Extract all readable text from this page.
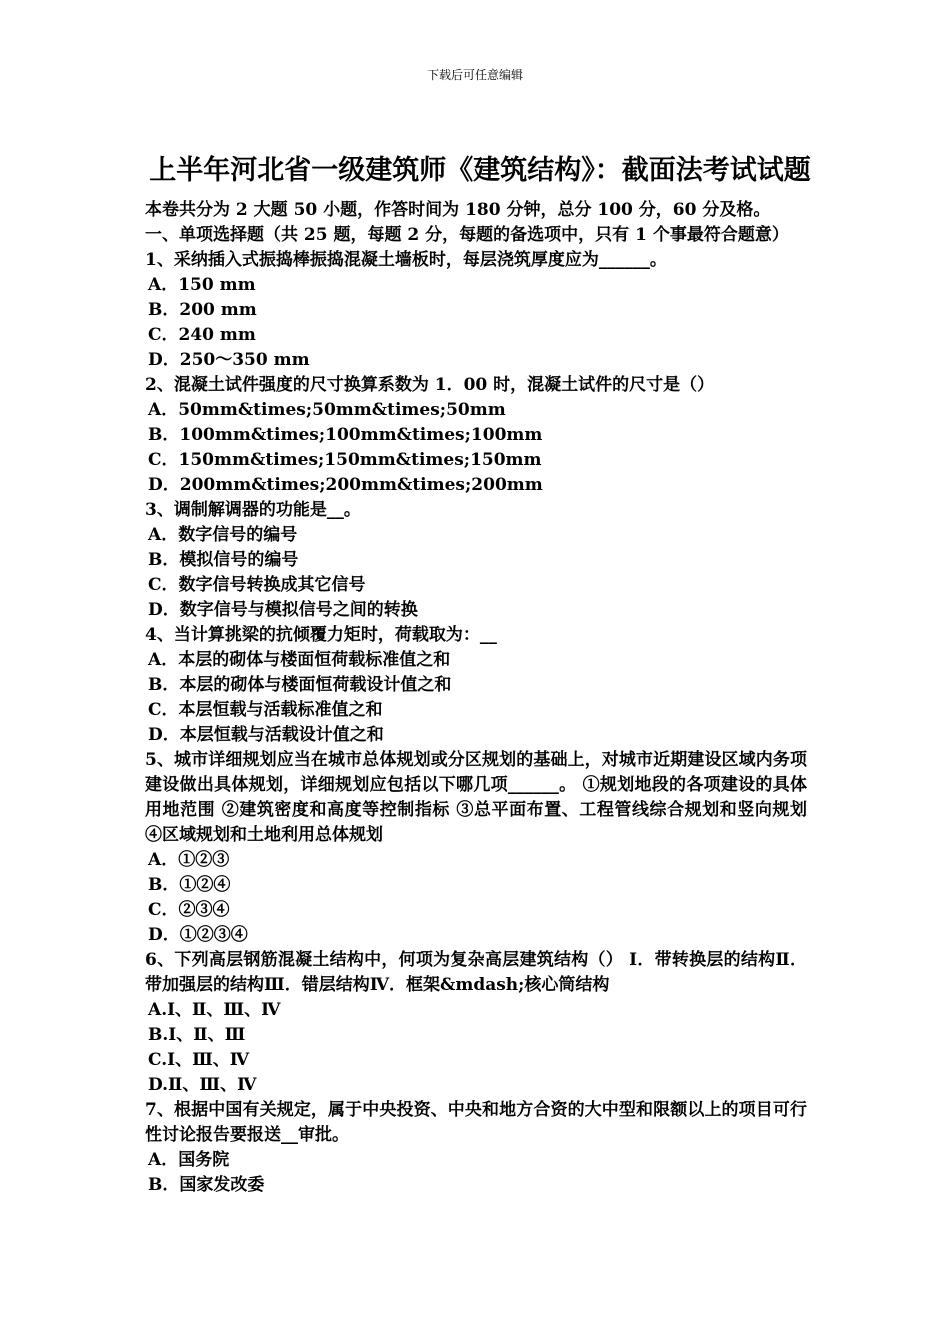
下载后可任意编辑
上半年河北省一级建筑师《建筑结构》：截面法考试试题

本卷共分为 2 大题 50 小题，作答时间为 180 分钟，总分 100 分，60 分及格。

一、单项选择题（共 25 题，每题 2 分，每题的备选项中，只有 1 个事最符合题意）

1、采纳插入式振捣棒振捣混凝土墙板时，每层浇筑厚度应为______。

A．150 mm

B．200 mm

C．240 mm

D．250～350 mm

2、混凝土试件强度的尺寸换算系数为 1．00 时，混凝土试件的尺寸是（）

A．50mm&times;50mm&times;50mm

B．100mm&times;100mm&times;100mm

C．150mm&times;150mm&times;150mm

D．200mm&times;200mm&times;200mm

3、调制解调器的功能是__。

A．数字信号的编号

B．模拟信号的编号

C．数字信号转换成其它信号

D．数字信号与模拟信号之间的转换

4、当计算挑梁的抗倾覆力矩时，荷载取为：__

A．本层的砌体与楼面恒荷载标准值之和

B．本层的砌体与楼面恒荷载设计值之和

C．本层恒载与活载标准值之和

D．本层恒载与活载设计值之和

5、城市详细规划应当在城市总体规划或分区规划的基础上，对城市近期建设区域内务项建设做出具体规划，详细规划应包括以下哪几项______。 ①规划地段的各项建设的具体用地范围 ②建筑密度和高度等控制指标 ③总平面布置、工程管线综合规划和竖向规划 ④区域规划和土地利用总体规划

A．①②③

B．①②④

C．②③④

D．①②③④

6、下列高层钢筋混凝土结构中，何项为复杂高层建筑结构（） Ⅰ．带转换层的结构Ⅱ．带加强层的结构Ⅲ．错层结构Ⅳ．框架&mdash;核心筒结构

A.Ⅰ、Ⅱ、Ⅲ、Ⅳ

B.Ⅰ、Ⅱ、Ⅲ

C.Ⅰ、Ⅲ、Ⅳ

D.Ⅱ、Ⅲ、Ⅳ

7、根据中国有关规定，属于中央投资、中央和地方合资的大中型和限额以上的项目可行性讨论报告要报送__审批。

A．国务院

B．国家发改委
